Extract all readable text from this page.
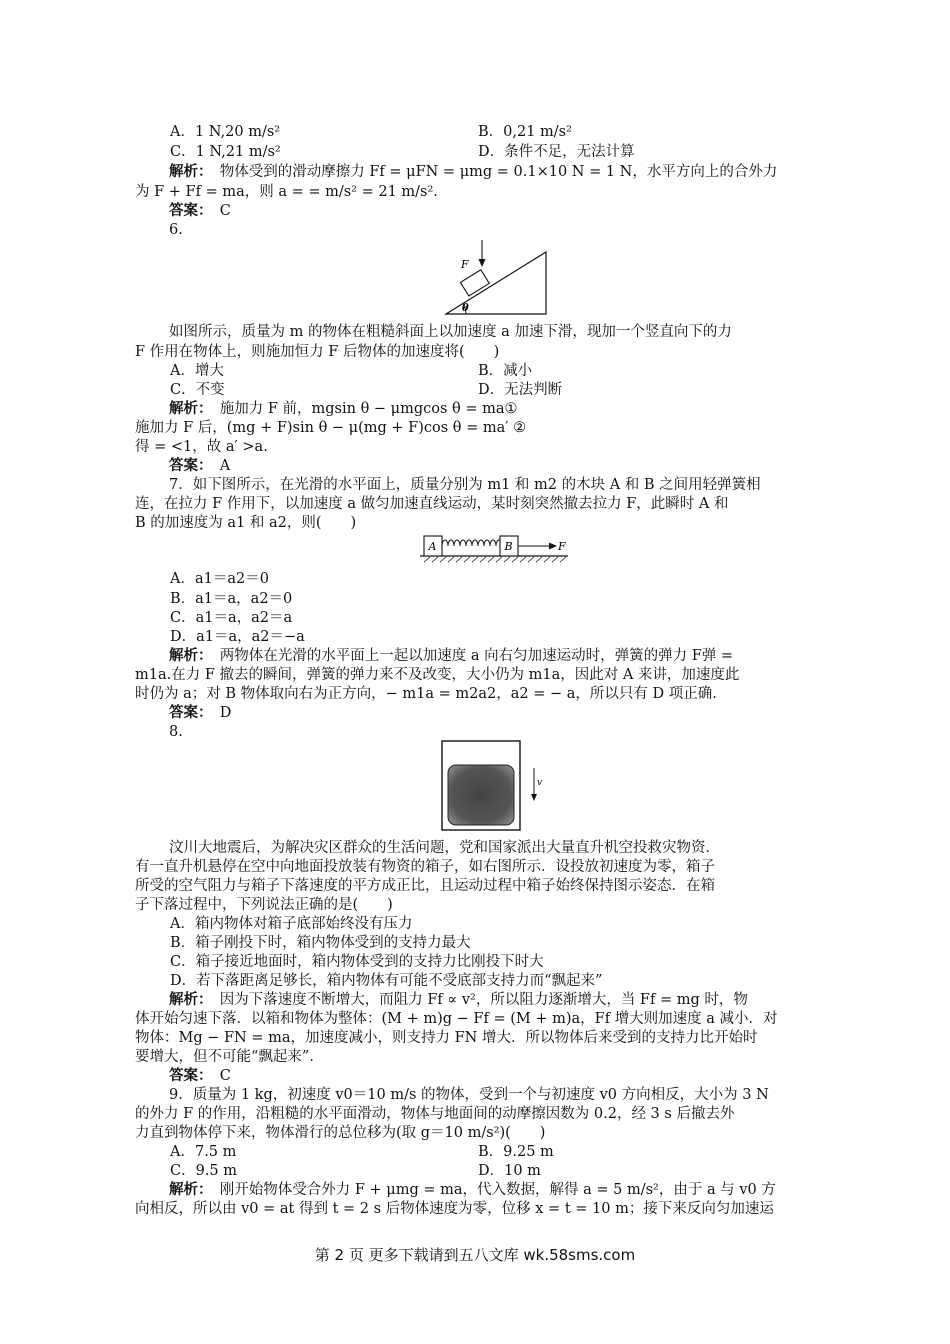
A．1 N,20 m/s²	B．0,21 m/s²
C．1 N,21 m/s²	D．条件不足，无法计算
解析：　 物体受到的滑动摩擦力 Ff = μFN = μmg = 0.1×10 N = 1 N，水平方向上的合外力
为 F + Ff = ma，则 a = = m/s² = 21 m/s².
答案：　 C
6.
F
θ
如图所示，质量为 m 的物体在粗糙斜面上以加速度 a 加速下滑，现加一个竖直向下的力
F 作用在物体上，则施加恒力 F 后物体的加速度将(　　)
A．增大	B．减小
C．不变	D．无法判断
解析：　 施加力 F 前，mgsin θ − μmgcos θ = ma①
施加力 F 后，(mg + F)sin θ − μ(mg + F)cos θ = ma′ ②
得 = <1，故 a′ >a.
答案：　 A
7．如下图所示，在光滑的水平面上，质量分别为 m1 和 m2 的木块 A 和 B 之间用轻弹簧相
连，在拉力 F 作用下，以加速度 a 做匀加速直线运动，某时刻突然撤去拉力 F，此瞬时 A 和
B 的加速度为 a1 和 a2，则(　　)
A	B	F
A．a1＝a2＝0
B．a1＝a，a2＝0
C．a1＝a，a2＝a
D．a1＝a，a2＝−a
解析：　 两物体在光滑的水平面上一起以加速度 a 向右匀加速运动时，弹簧的弹力 F弹 =
m1a.在力 F 撤去的瞬间，弹簧的弹力来不及改变，大小仍为 m1a，因此对 A 来讲，加速度此
时仍为 a；对 B 物体取向右为正方向，− m1a = m2a2，a2 = − a，所以只有 D 项正确.
答案：　 D
8.
v
汶川大地震后，为解决灾区群众的生活问题，党和国家派出大量直升机空投救灾物资．
有一直升机悬停在空中向地面投放装有物资的箱子，如右图所示．设投放初速度为零，箱子
所受的空气阻力与箱子下落速度的平方成正比，且运动过程中箱子始终保持图示姿态．在箱
子下落过程中，下列说法正确的是(　　)
A．箱内物体对箱子底部始终没有压力
B．箱子刚投下时，箱内物体受到的支持力最大
C．箱子接近地面时，箱内物体受到的支持力比刚投下时大
D．若下落距离足够长，箱内物体有可能不受底部支持力而“飘起来”
解析：　 因为下落速度不断增大，而阻力 Ff ∝ v²，所以阻力逐渐增大，当 Ff = mg 时，物
体开始匀速下落．以箱和物体为整体：(M + m)g − Ff = (M + m)a，Ff 增大则加速度 a 减小．对
物体：Mg − FN = ma，加速度减小，则支持力 FN 增大．所以物体后来受到的支持力比开始时
要增大，但不可能“飘起来”．
答案：　 C
9．质量为 1 kg，初速度 v0＝10 m/s 的物体，受到一个与初速度 v0 方向相反，大小为 3 N
的外力 F 的作用，沿粗糙的水平面滑动，物体与地面间的动摩擦因数为 0.2，经 3 s 后撤去外
力直到物体停下来，物体滑行的总位移为(取 g＝10 m/s²)(　　)
A．7.5 m	B．9.25 m
C．9.5 m	D．10 m
解析：　 刚开始物体受合外力 F + μmg = ma，代入数据，解得 a = 5 m/s²，由于 a 与 v0 方
向相反，所以由 v0 = at 得到 t = 2 s 后物体速度为零，位移 x = t = 10 m；接下来反向匀加速运
第 2 页 更多下载请到五八文库 wk.58sms.com
